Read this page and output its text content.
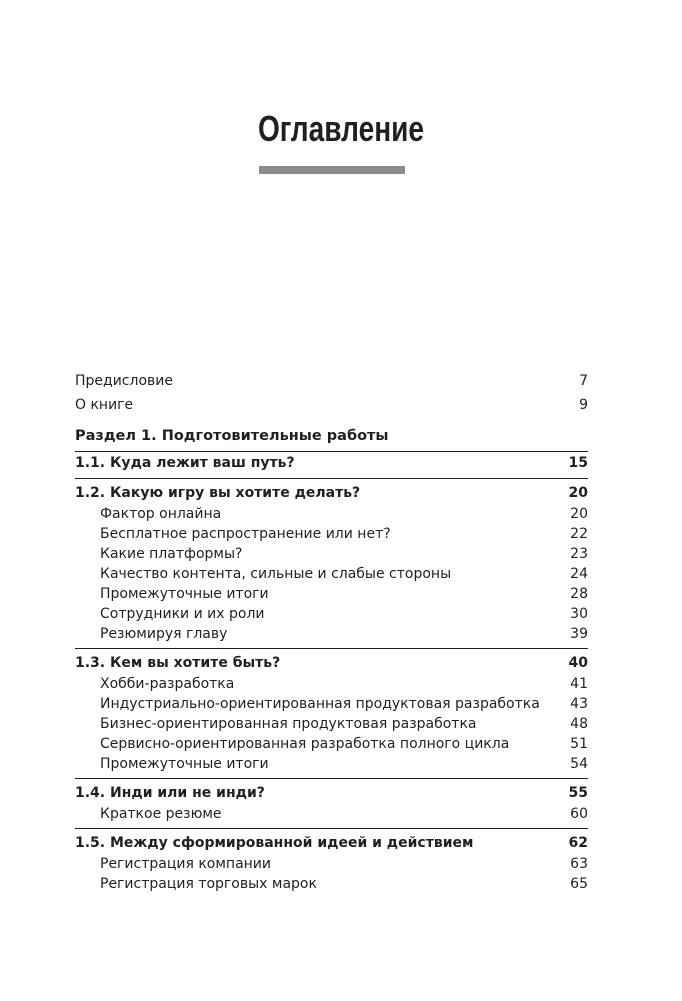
Оглавление
Предисловие	7
О книге	9
Раздел 1. Подготовительные работы
1.1. Куда лежит ваш путь?	15
1.2. Какую игру вы хотите делать?	20
Фактор онлайна	20
Бесплатное распространение или нет?	22
Какие платформы?	23
Качество контента, сильные и слабые стороны	24
Промежуточные итоги	28
Сотрудники и их роли	30
Резюмируя главу	39
1.3. Кем вы хотите быть?	40
Хобби-разработка	41
Индустриально-ориентированная продуктовая разработка 43
Бизнес-ориентированная продуктовая разработка	48
Сервисно-ориентированная разработка полного цикла	51
Промежуточные итоги	54
1.4. Инди или не инди?	55
Краткое резюме	60
1.5. Между сформированной идеей и действием	62
Регистрация компании	63
Регистрация торговых марок	65
